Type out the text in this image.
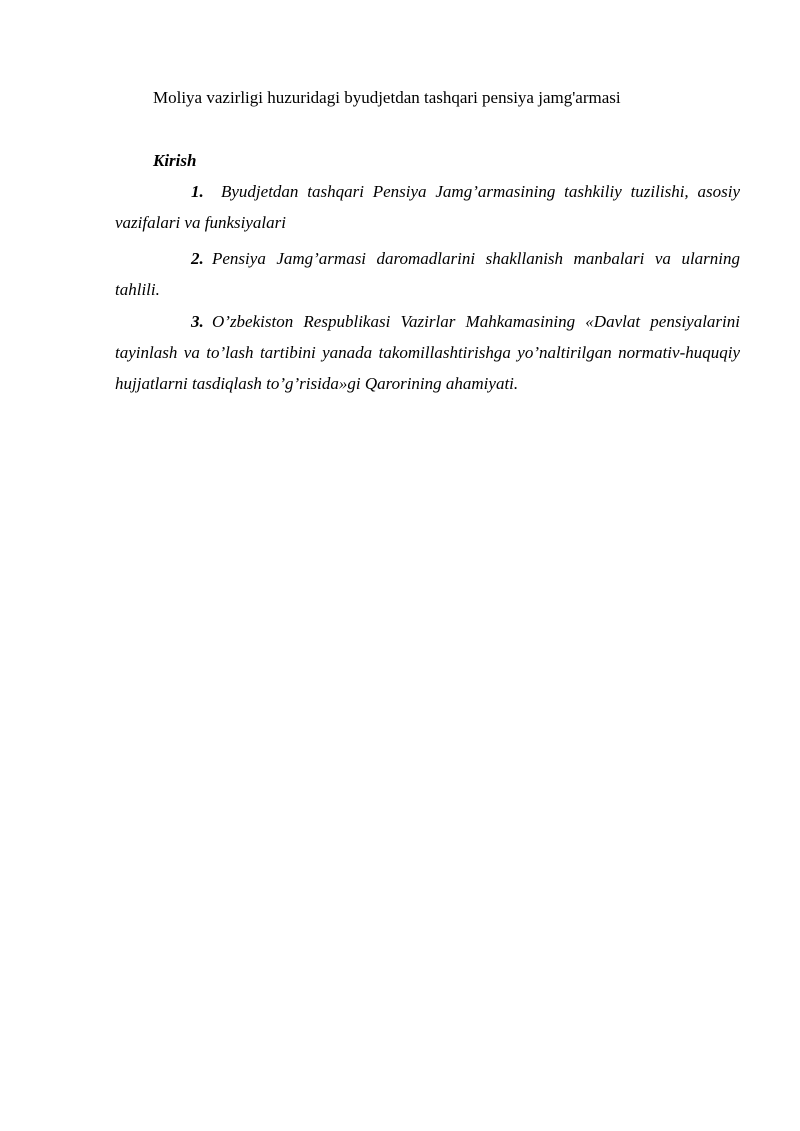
Moliya vazirligi huzuridagi byudjetdan tashqari pensiya jamg'armasi
Kirish

1. Byudjetdan tashqari Pensiya Jamg’armasining tashkiliy tuzilishi, asosiy vazifalari va funksiyalari

2. Pensiya Jamg’armasi daromadlarini shakllanish manbalari va ularning tahlili.

3. O’zbekiston Respublikasi Vazirlar Mahkamasining «Davlat pensiyalarini tayinlash va to’lash tartibini yanada takomillashtirishga yo’naltirilgan normativ-huquqiy hujjatlarni tasdiqlash to’g’risida»gi Qarorining ahamiyati.
